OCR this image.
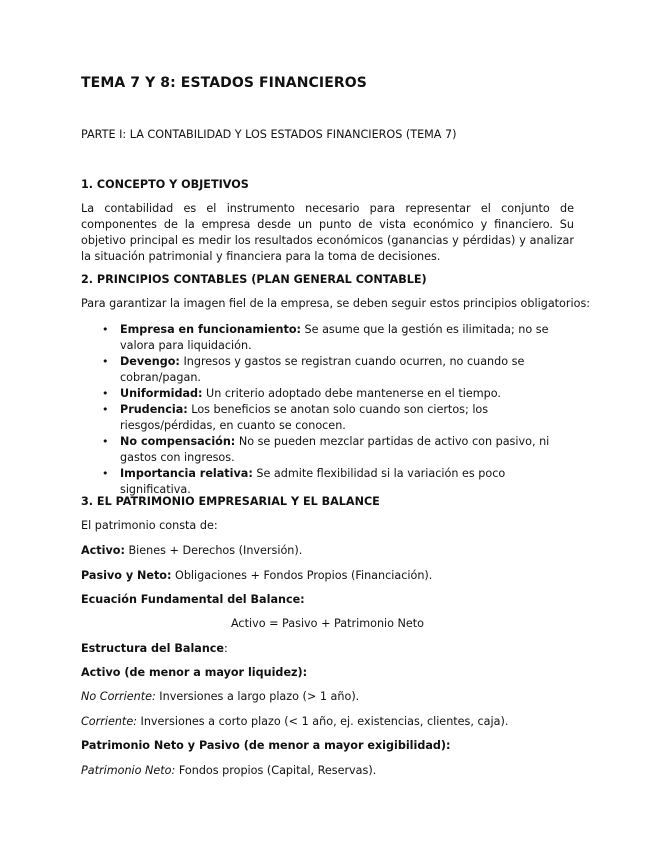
TEMA 7 Y 8: ESTADOS FINANCIEROS
PARTE I: LA CONTABILIDAD Y LOS ESTADOS FINANCIEROS (TEMA 7)
1. CONCEPTO Y OBJETIVOS

La contabilidad es el instrumento necesario para representar el conjunto de componentes de la empresa desde un punto de vista económico y financiero. Su objetivo principal es medir los resultados económicos (ganancias y pérdidas) y analizar la situación patrimonial y financiera para la toma de decisiones.

2. PRINCIPIOS CONTABLES (PLAN GENERAL CONTABLE)
Para garantizar la imagen fiel de la empresa, se deben seguir estos principios obligatorios:
• Empresa en funcionamiento: Se asume que la gestión es ilimitada; no se valora para liquidación.
• Devengo: Ingresos y gastos se registran cuando ocurren, no cuando se cobran/pagan.
• Uniformidad: Un criterio adoptado debe mantenerse en el tiempo.
• Prudencia: Los beneficios se anotan solo cuando son ciertos; los riesgos/pérdidas, en cuanto se conocen.
• No compensación: No se pueden mezclar partidas de activo con pasivo, ni gastos con ingresos.
• Importancia relativa: Se admite flexibilidad si la variación es poco significativa.
3. EL PATRIMONIO EMPRESARIAL Y EL BALANCE
El patrimonio consta de:
Activo: Bienes + Derechos (Inversión).
Pasivo y Neto: Obligaciones + Fondos Propios (Financiación).
Ecuación Fundamental del Balance:
Activo = Pasivo + Patrimonio Neto
Estructura del Balance:
Activo (de menor a mayor liquidez):
No Corriente: Inversiones a largo plazo (> 1 año).
Corriente: Inversiones a corto plazo (< 1 año, ej. existencias, clientes, caja).
Patrimonio Neto y Pasivo (de menor a mayor exigibilidad):
Patrimonio Neto: Fondos propios (Capital, Reservas).
